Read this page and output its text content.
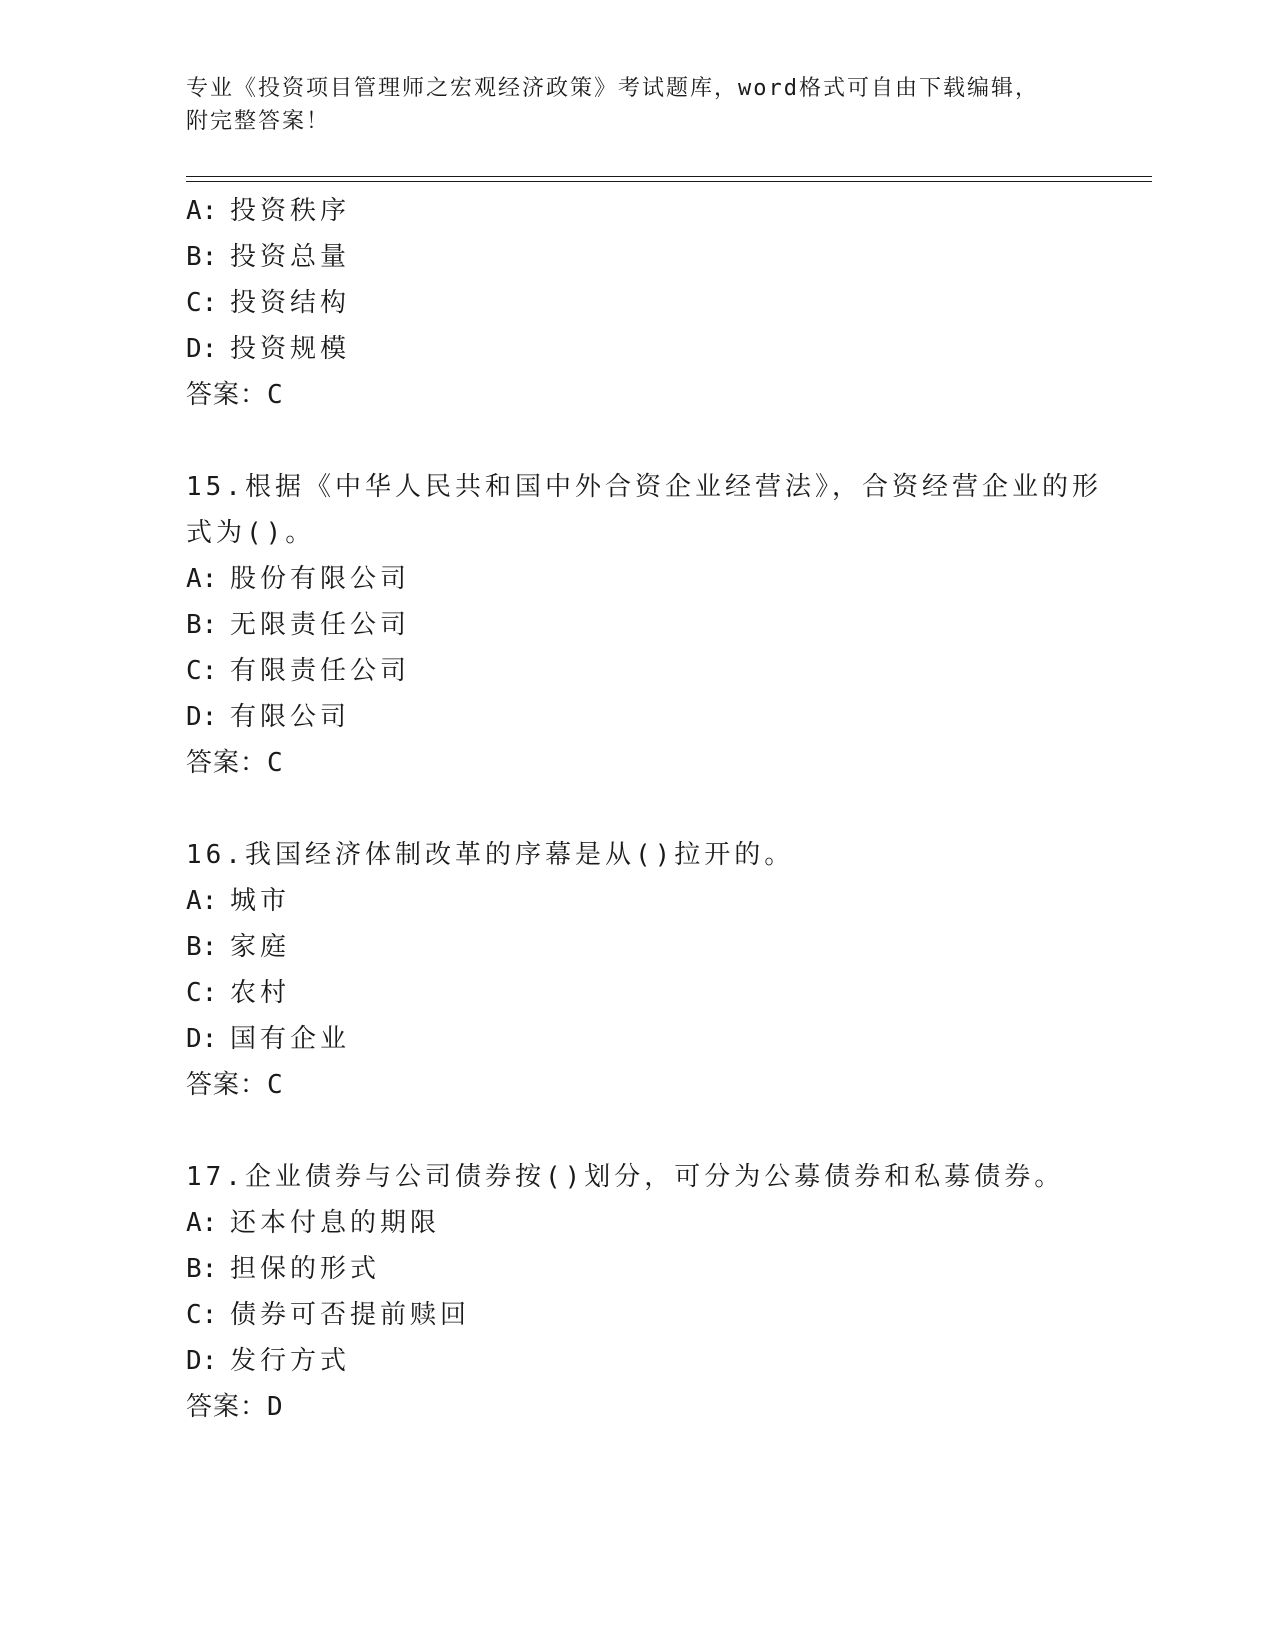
专业《投资项目管理师之宏观经济政策》考试题库，word格式可自由下载编辑，
附完整答案！
A: 投资秩序
B: 投资总量
C: 投资结构
D: 投资规模
答案：C
15.根据《中华人民共和国中外合资企业经营法》，合资经营企业的形
式为()。
A: 股份有限公司
B: 无限责任公司
C: 有限责任公司
D: 有限公司
答案：C
16.我国经济体制改革的序幕是从()拉开的。
A: 城市
B: 家庭
C: 农村
D: 国有企业
答案：C
17.企业债券与公司债券按()划分，可分为公募债券和私募债券。
A: 还本付息的期限
B: 担保的形式
C: 债券可否提前赎回
D: 发行方式
答案：D
